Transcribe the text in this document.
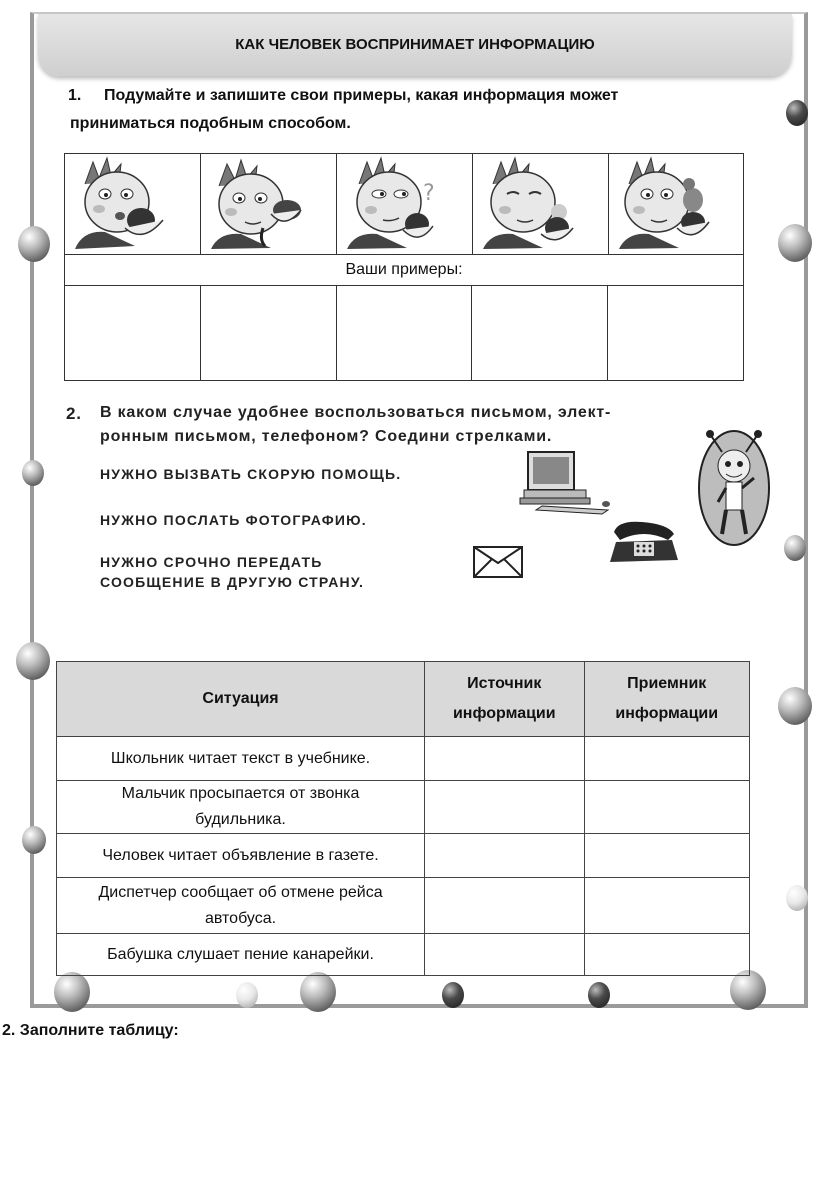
КАК ЧЕЛОВЕК ВОСПРИНИМАЕТ ИНФОРМАЦИЮ
1. Подумайте и запишите свои примеры, какая информация может
приниматься подобным способом.
?
Ваши примеры:
2. В каком случае удобнее воспользоваться письмом, элект-
ронным письмом, телефоном? Соедини стрелками.
НУЖНО ВЫЗВАТЬ СКОРУЮ ПОМОЩЬ.
НУЖНО ПОСЛАТЬ ФОТОГРАФИЮ.
НУЖНО СРОЧНО ПЕРЕДАТЬ
СООБЩЕНИЕ В ДРУГУЮ СТРАНУ.
Ситуация	Источник информации	Приемник информации

Школьник читает текст в учебнике.		

Мальчик просыпается от звонка будильника.		

Человек читает объявление в газете.		

Диспетчер сообщает об отмене рейса автобуса.		

Бабушка слушает пение канарейки.		
2. Заполните таблицу:
